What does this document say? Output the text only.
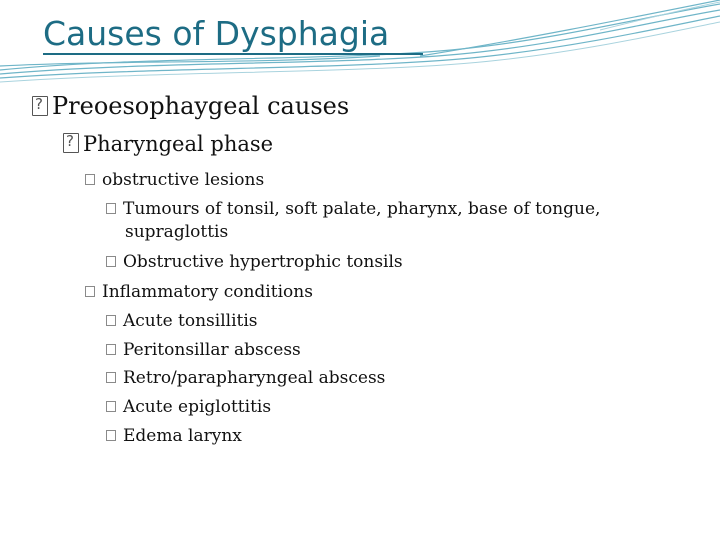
Causes of Dysphagia
?Preoesophaygeal causes
?Pharyngeal phase
obstructive lesions
Tumours of tonsil, soft palate, pharynx, base of tongue,
supraglottis
Obstructive hypertrophic tonsils
Inflammatory conditions
Acute tonsillitis
Peritonsillar abscess
Retro/parapharyngeal abscess
Acute epiglottitis
Edema larynx
